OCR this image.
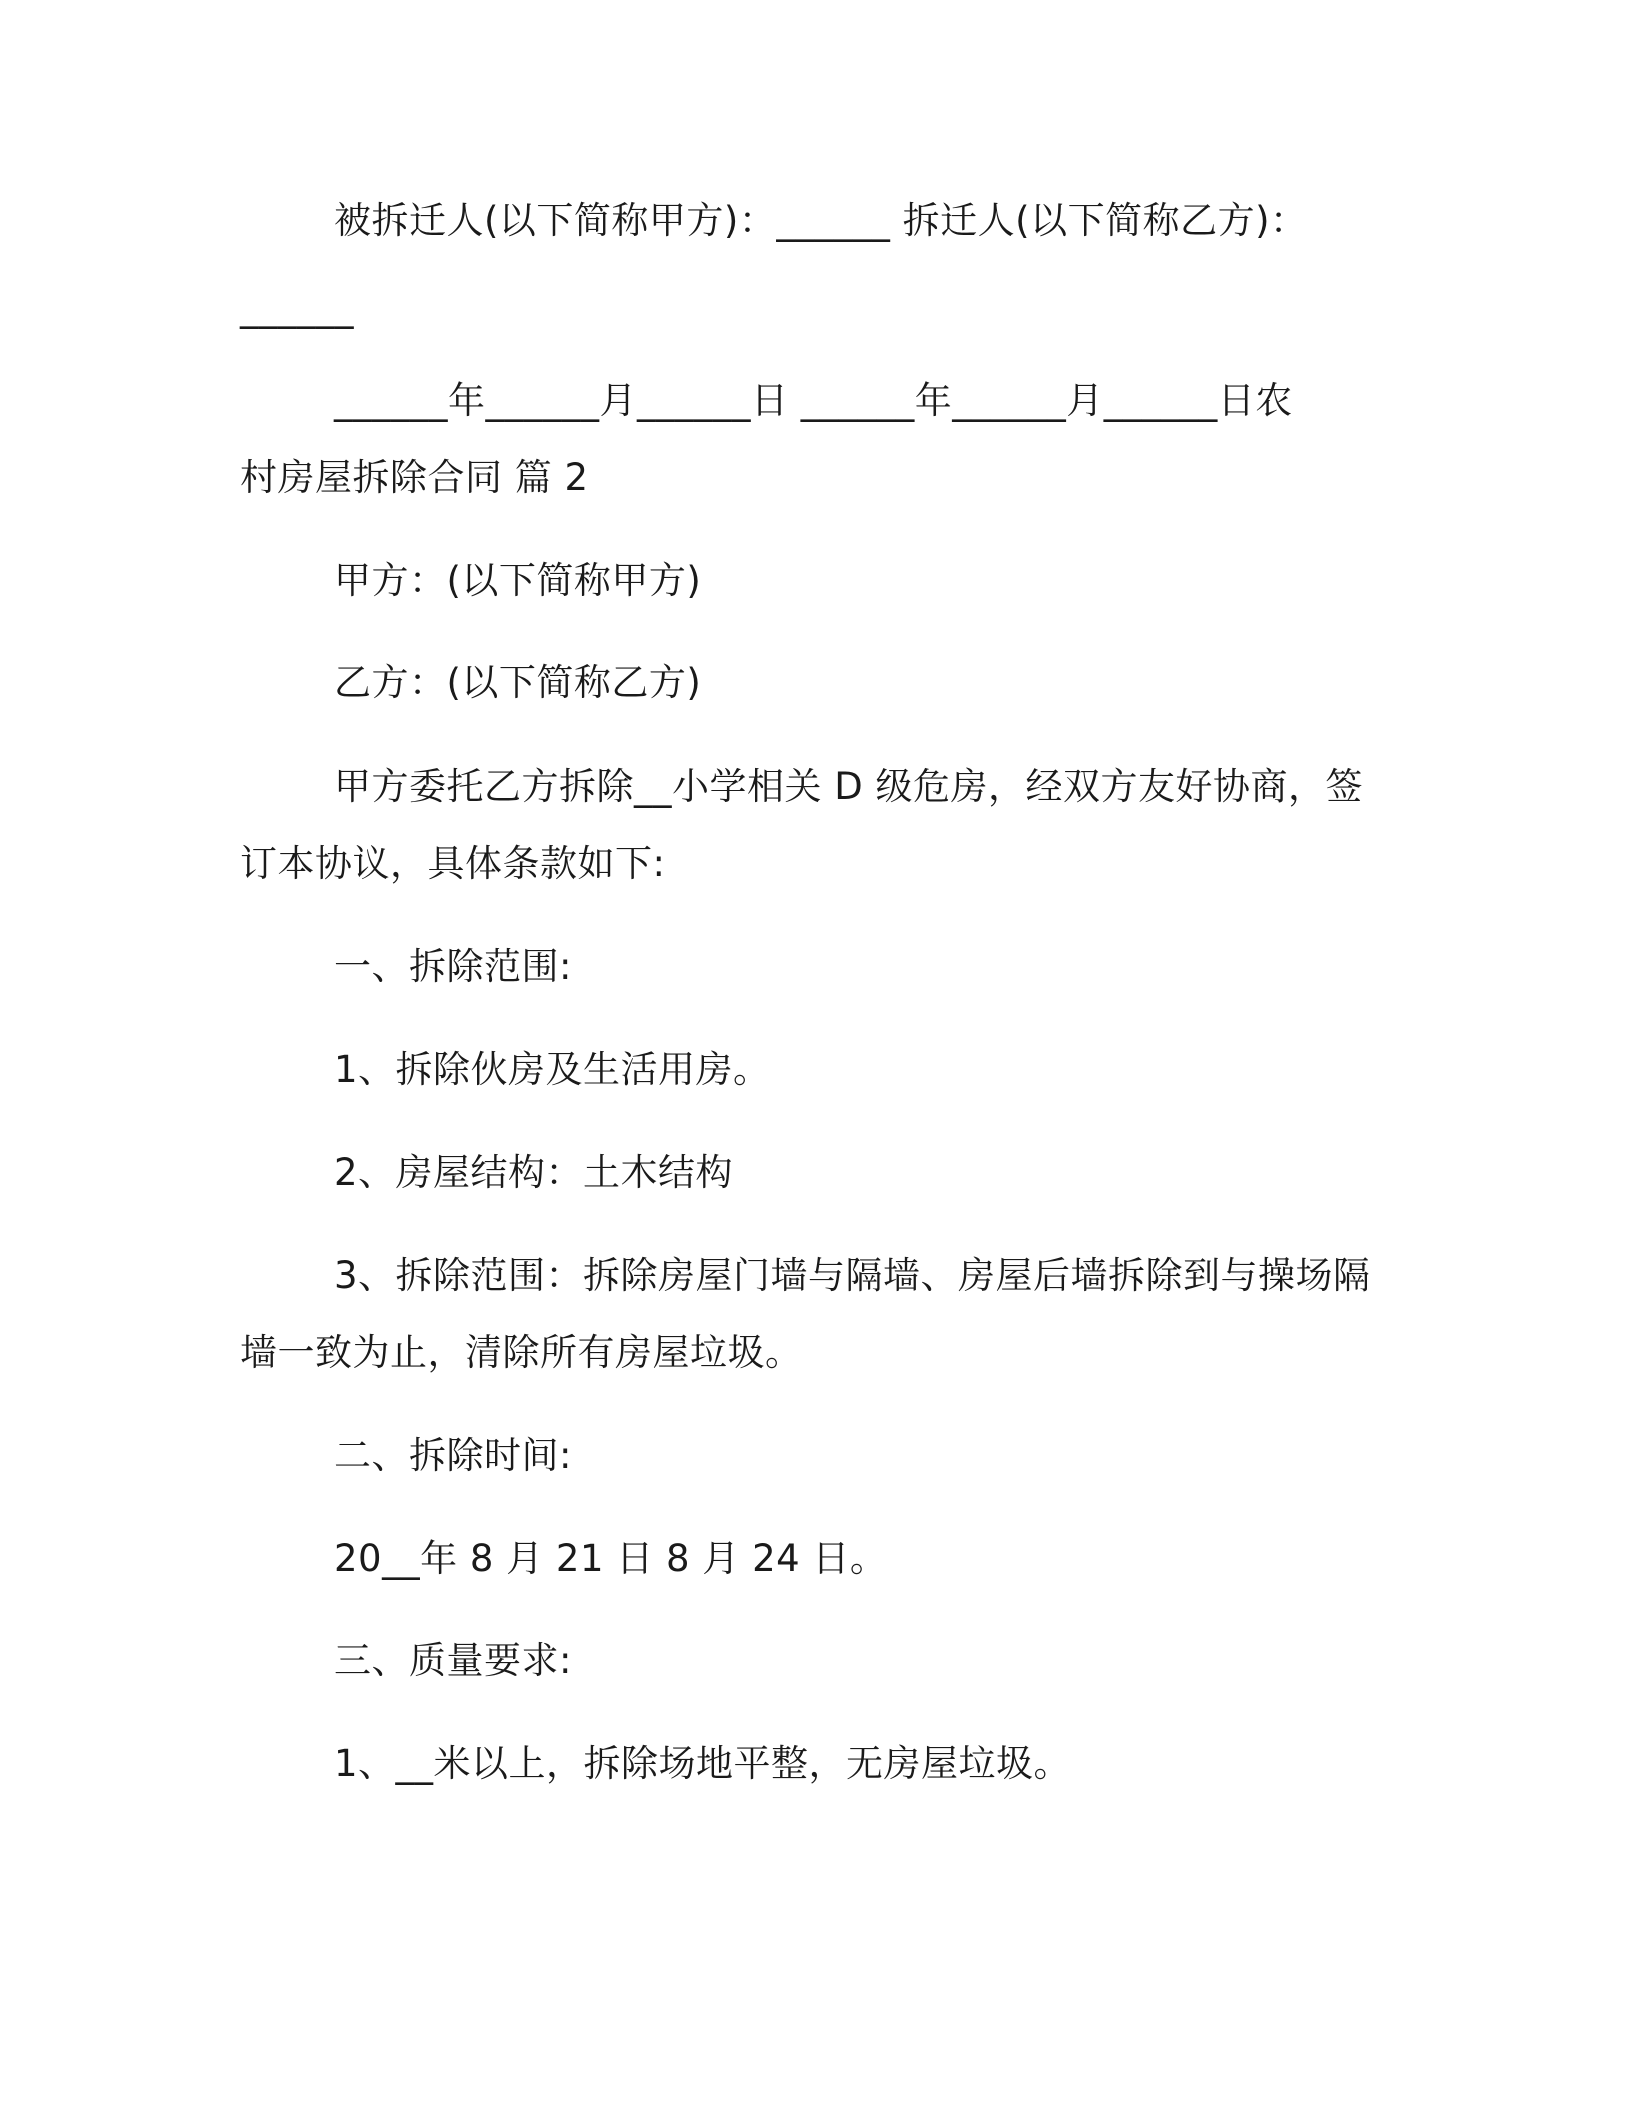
被拆迁人(以下简称甲方)：______ 拆迁人(以下简称乙方)：
______
______年______月______日 ______年______月______日农
村房屋拆除合同 篇 2
甲方：(以下简称甲方)
乙方：(以下简称乙方)
甲方委托乙方拆除__小学相关 D 级危房，经双方友好协商，签
订本协议，具体条款如下:
一、拆除范围:
1、拆除伙房及生活用房。
2、房屋结构：土木结构
3、拆除范围：拆除房屋门墙与隔墙、房屋后墙拆除到与操场隔
墙一致为止，清除所有房屋垃圾。
二、拆除时间:
20__年 8 月 21 日 8 月 24 日。
三、质量要求:
1、__米以上，拆除场地平整，无房屋垃圾。
